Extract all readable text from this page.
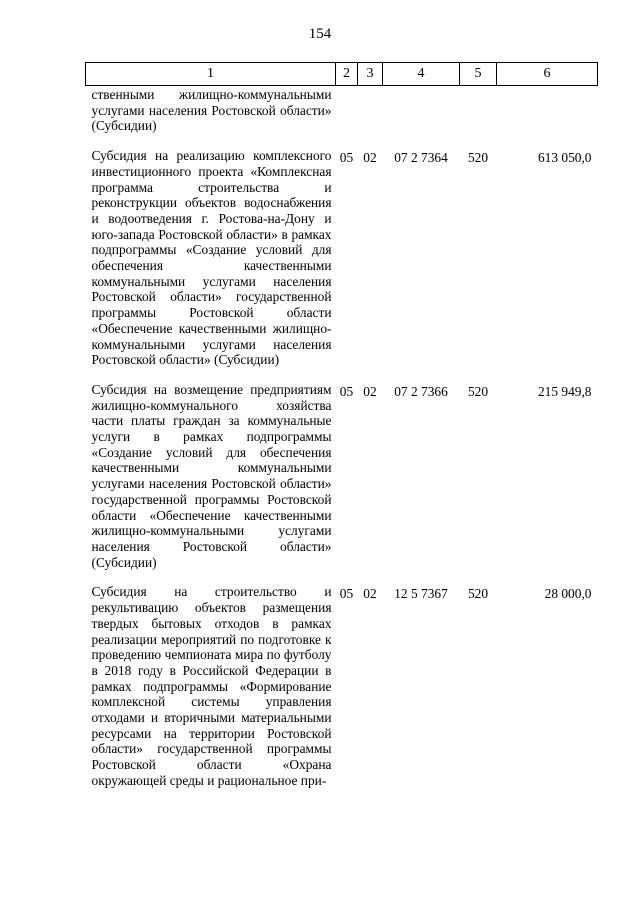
154
1	2	3	4	5	6
ственными жилищно-коммунальными услугами населения Ростовской области» (Субсидии)					
Субсидия на реализацию комплексного инвестиционного проекта «Комплексная программа строительства и реконструкции объектов водоснабжения и водоотведения г. Ростова-на-Дону и юго-запада Ростовской области» в рамках подпрограммы «Создание условий для обеспечения качественными коммунальными услугами населения Ростовской области» государственной программы Ростовской области «Обеспечение качественными жилищно-коммунальными услугами населения Ростовской области» (Субсидии)	05	02	07 2 7364	520	613 050,0
Субсидия на возмещение предприятиям жилищно-коммунального хозяйства части платы граждан за коммунальные услуги в рамках подпрограммы «Создание условий для обеспечения качественными коммунальными услугами населения Ростовской области» государственной программы Ростовской области «Обеспечение качественными жилищно-коммунальными услугами населения Ростовской области» (Субсидии)	05	02	07 2 7366	520	215 949,8
Субсидия на строительство и рекультивацию объектов размещения твердых бытовых отходов в рамках реализации мероприятий по подготовке к проведению чемпионата мира по футболу в 2018 году в Российской Федерации в рамках подпрограммы «Формирование комплексной системы управления отходами и вторичными материальными ресурсами на территории Ростовской области» государственной программы Ростовской области «Охрана окружающей среды и рациональное при-	05	02	12 5 7367	520	28 000,0
